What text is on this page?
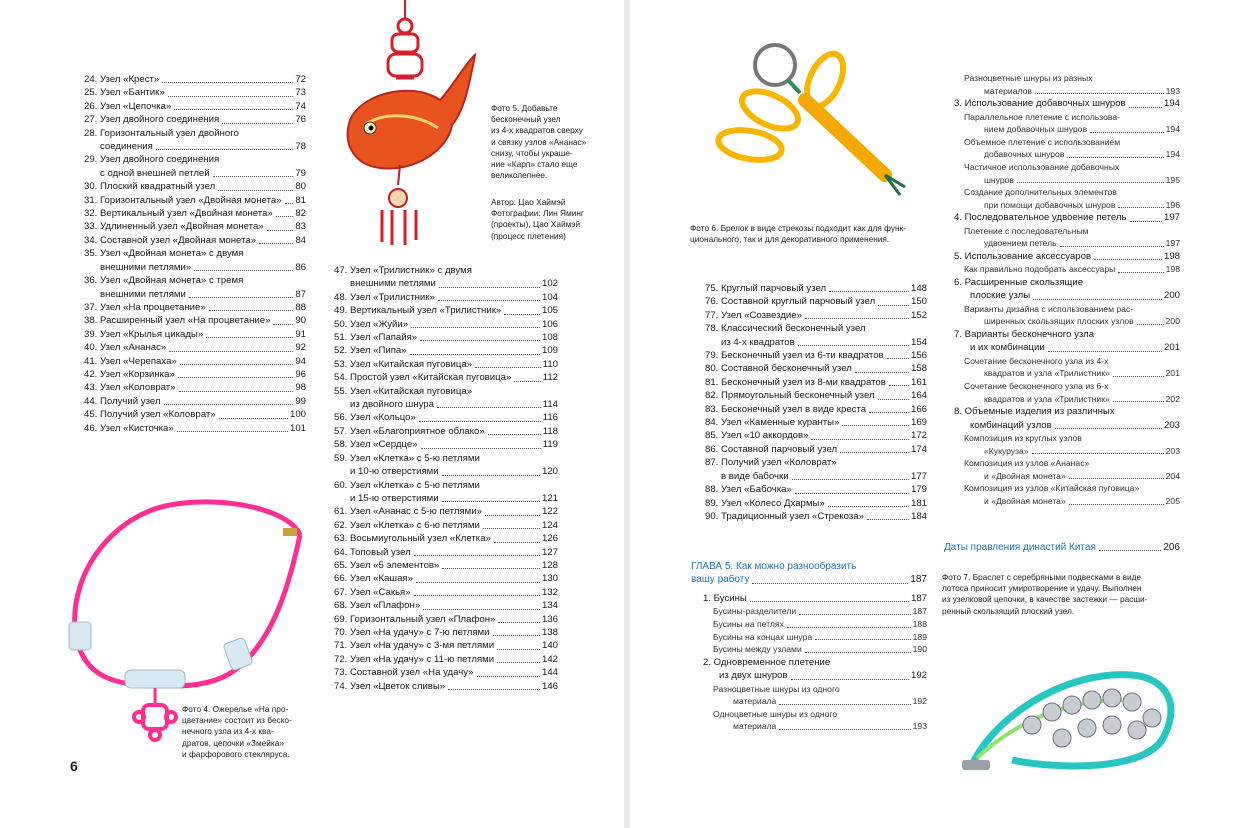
24. Узел «Крест»	72
25. Узел «Бантик»	73
26. Узел «Цепочка»	74
27. Узел двойного соединения	76
28. Горизонтальный узел двойного
соединения	78
29. Узел двойного соединения
с одной внешней петлей	79
30. Плоский квадратный узел	80
31. Горизонтальный узел «Двойная монета» 81
32. Вертикальный узел «Двойная монета» 82
33. Удлиненный узел «Двойная монета»	83
34. Составной узел «Двойная монета»	84
35. Узел «Двойная монета» с двумя
внешними петлями»	86
36. Узел «Двойная монета» с тремя
внешними петлями	87
37. Узел «На процветание»	88
38. Расширенный узел «На процветание»	90
39. Узел «Крылья цикады»	91
40. Узел «Ананас»	92
41. Узел «Черепаха»	94
42. Узел «Корзинка»	96
43. Узел «Коловрат»	98
44. Получий узел	99
45. Получий узел «Коловрат»	100
46. Узел «Кисточка»	101
47. Узел «Трилистник» с двумя
внешними петлями	102
48. Узел «Трилистник»	104
49. Вертикальный узел «Трилистник»	105
50. Узел «Жуйи»	106
51. Узел «Папайя»	108
52. Узел «Пипа»	109
53. Узел «Китайская пуговица»	110
54. Простой узел «Китайская пуговица»	112
55. Узел «Китайская пуговица»
из двойного шнура	114
56. Узел «Кольцо»	116
57. Узел «Благоприятное облако»	118
58. Узел «Сердце»	119
59. Узел «Клетка» с 5-ю петлями
и 10-ю отверстиями	120
60. Узел «Клетка» с 5-ю петлями
и 15-ю отверстиями	121
61. Узел «Ананас с 5-ю петлями»	122
62. Узел «Клетка» с 6-ю петлями	124
63. Восьмиугольный узел «Клетка»	126
64. Топовый узел	127
65. Узел «5 элементов»	128
66. Узел «Кашая»	130
67. Узел «Сакья»	132
68. Узел «Плафон»	134
69. Горизонтальный узел «Плафон»	136
70. Узел «На удачу» с 7-ю петлями	138
71. Узел «На удачу» с 3-мя петлями	140
72. Узел «На удачу» с 11-ю петлями	142
73. Составной узел «На удачу»	144
74. Узел «Цветок сливы»	146
Фото 5. Добавьте
бесконечный узел
из 4-х квадратов сверху
и связку узлов «Ананас»
снизу, чтобы украше-
ние «Карп» стало еще
великолепнее.
Автор: Цао Хаймэй
Фотографии: Лин Яминг
(проекты), Цао Хаймэй
(процесс плетения)
Фото 4. Ожерелье «На про-
цветание» состоит из беско-
нечного узла из 4-х ква-
дратов, цепочки «Змейка»
и фарфорового стеклярyса.
6
Фото 6. Брелок в виде стрекозы подходит как для функ-
ционального, так и для декоративного применения.
75. Круглый парчовый узел	148
76. Составной круглый парчовый узел	150
77. Узел «Созвездие»	152
78. Классический бесконечный узел
из 4-х квадратов	154
79. Бесконечный узел из 6-ти квадратов	156
80. Составной бесконечный узел	158
81. Бесконечный узел из 8-ми квадратов	161
82. Прямоугольный бесконечный узел	164
83. Бесконечный узел в виде креста	166
84. Узел «Каменные куранты»	169
85. Узел «10 аккордов»	172
86. Составной парчовый узел	174
87. Получий узел «Коловрат»
в виде бабочки	177
88. Узел «Бабочка»	179
89. Узел «Колесо Дхармы»	181
90. Традиционный узел «Стрекоза»	184
ГЛАВА 5. Как можно разнообразить
вашу работу	187
1. Бусины	187
Бусины-разделители	187
Бусины на петлях	188
Бусины на концах шнура	189
Бусины между узлами	190
2. Одновременное плетение
из двух шнуров	192
Разноцветные шнуры из одного
материала	192
Одноцветные шнуры из одного
материала	193
Разноцветные шнуры из разных
материалов	193
3. Использование добавочных шнуров	194
Параллельное плетение с использова-
нием добавочных шнуров	194
Объемное плетение с использованием
добавочных шнуров	194
Частичное использование добавочных
шнуров	195
Создание дополнительных элементов
при помощи добавочных шнуров	196
4. Последовательное удвоение петель	197
Плетение с последовательным
удвоением петель	197
5. Использование аксессуаров	198
Как правильно подобрать аксессуары	198
6. Расширенные скользящие
плоские узлы	200
Варианты дизайна с использованием рас-
ширенных скользящих плоских узлов	200
7. Варианты бесконечного узла
и их комбинации	201
Сочетание бесконечного узла из 4-х
квадратов и узла «Трилистник»	201
Сочетание бесконечного узла из 6-х
квадратов и узла «Трилистник»	202
8. Объемные изделия из различных
комбинаций узлов	203
Композиция из круглых узлов
«Кукуруза»	203
Композиция из узлов «Ананас»
и «Двойная монета»	204
Композиция из узлов «Китайская пуговица»
и «Двойная монета»	205
Даты правления династий Китая	206
Фото 7. Браслет с серебряными подвесками в виде
лотоса приносит умиротворение и удачу. Выполнен
из узелковой цепочки, в качестве застежки — расши-
ренный скользящий плоский узел.
